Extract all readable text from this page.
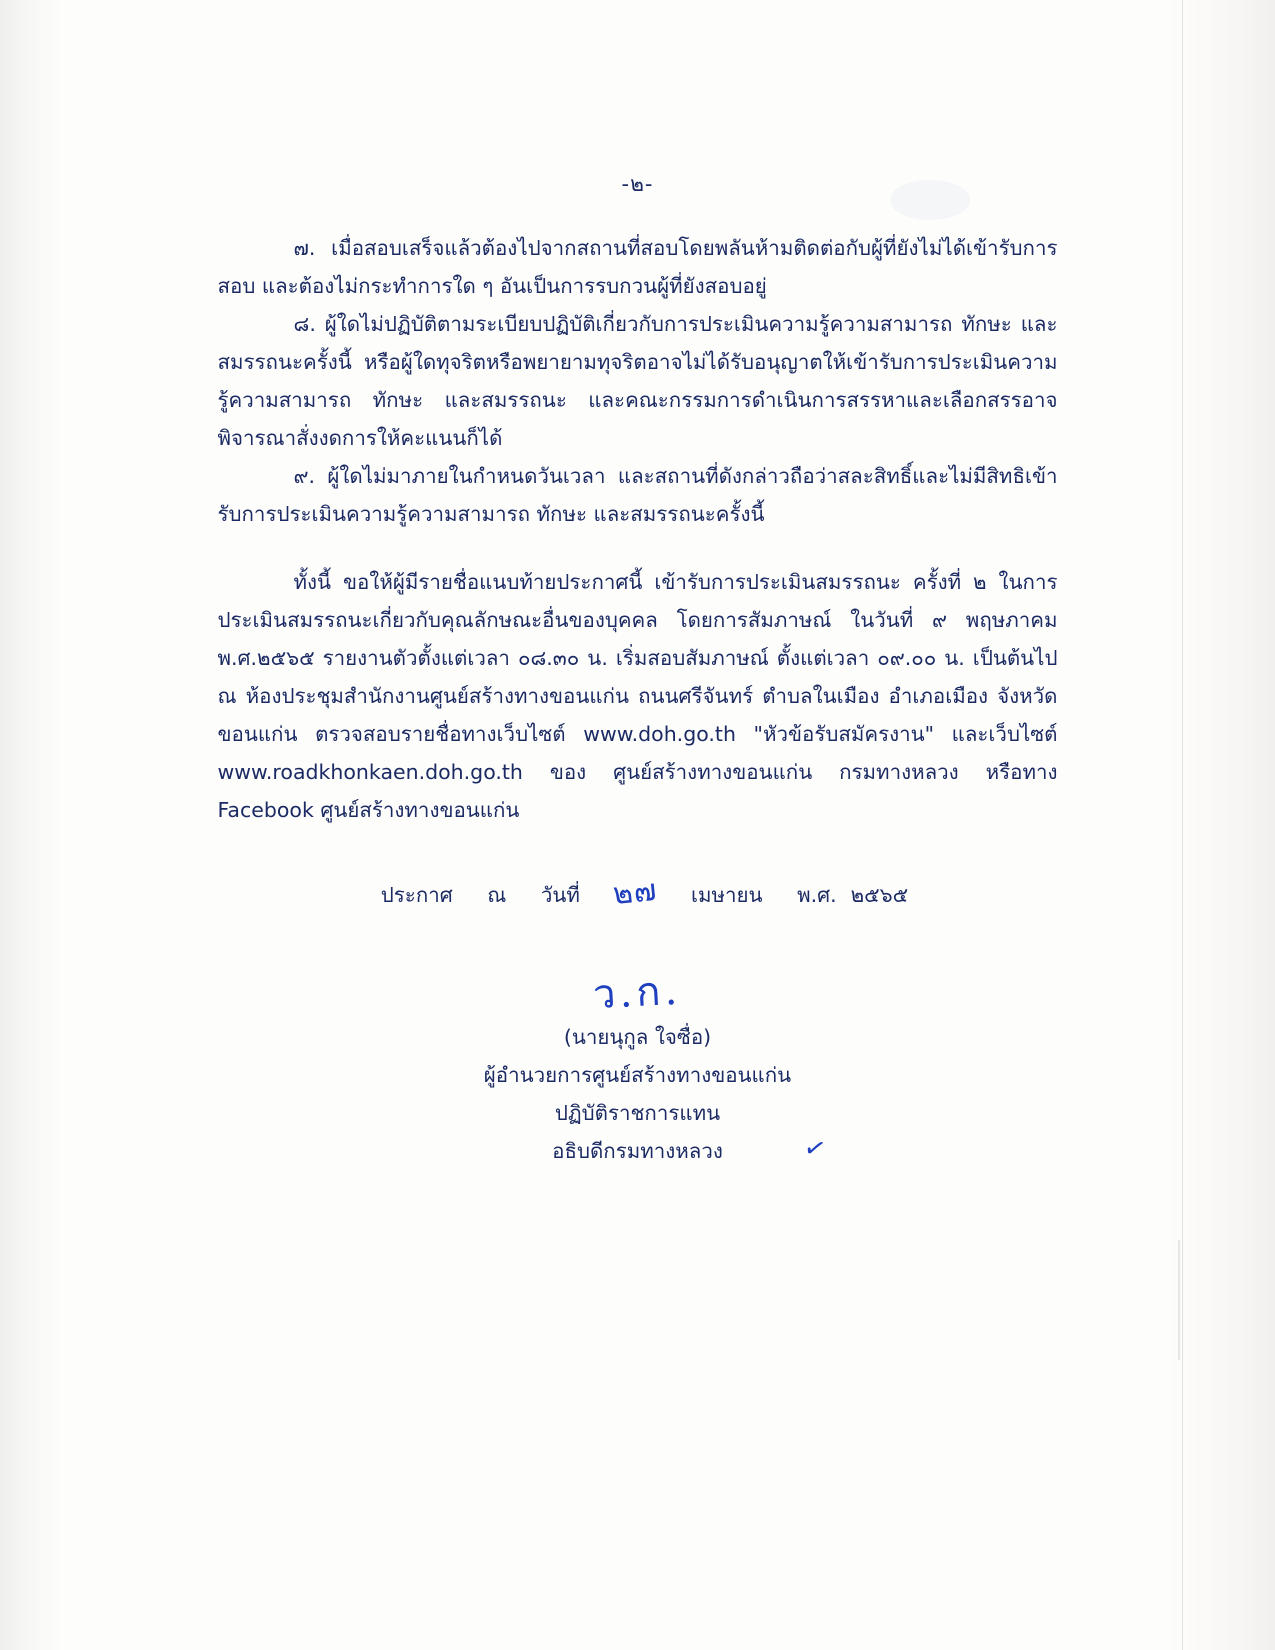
-๒-

๗. เมื่อสอบเสร็จแล้วต้องไปจากสถานที่สอบโดยพลันห้ามติดต่อกับผู้ที่ยังไม่ได้เข้ารับการสอบ และต้องไม่กระทำการใด ๆ อันเป็นการรบกวนผู้ที่ยังสอบอยู่

๘. ผู้ใดไม่ปฏิบัติตามระเบียบปฏิบัติเกี่ยวกับการประเมินความรู้ความสามารถ ทักษะ และสมรรถนะครั้งนี้ หรือผู้ใดทุจริตหรือพยายามทุจริตอาจไม่ได้รับอนุญาตให้เข้ารับการประเมินความรู้ความสามารถ ทักษะ และสมรรถนะ และคณะกรรมการดำเนินการสรรหาและเลือกสรรอาจพิจารณาสั่งงดการให้คะแนนก็ได้

๙. ผู้ใดไม่มาภายในกำหนดวันเวลา และสถานที่ดังกล่าวถือว่าสละสิทธิ์และไม่มีสิทธิเข้ารับการประเมินความรู้ความสามารถ ทักษะ และสมรรถนะครั้งนี้

ทั้งนี้ ขอให้ผู้มีรายชื่อแนบท้ายประกาศนี้ เข้ารับการประเมินสมรรถนะ ครั้งที่ ๒ ในการประเมินสมรรถนะเกี่ยวกับคุณลักษณะอื่นของบุคคล โดยการสัมภาษณ์ ในวันที่ ๙ พฤษภาคม พ.ศ.๒๕๖๕ รายงานตัวตั้งแต่เวลา ๐๘.๓๐ น. เริ่มสอบสัมภาษณ์ ตั้งแต่เวลา ๐๙.๐๐ น. เป็นต้นไป ณ ห้องประชุมสำนักงานศูนย์สร้างทางขอนแก่น ถนนศรีจันทร์ ตำบลในเมือง อำเภอเมือง จังหวัดขอนแก่น ตรวจสอบรายชื่อทางเว็บไซต์ www.doh.go.th "หัวข้อรับสมัครงาน" และเว็บไซต์ www.roadkhonkaen.doh.go.th ของ ศูนย์สร้างทางขอนแก่น กรมทางหลวง หรือทาง Facebook ศูนย์สร้างทางขอนแก่น

ประกาศ ณ วันที่ ๒๗ เมษายน พ.ศ. ๒๕๖๕
ว.ก.
(นายนุกูล ใจซื่อ)
ผู้อำนวยการศูนย์สร้างทางขอนแก่น
ปฏิบัติราชการแทน
อธิบดีกรมทางหลวง	✓
